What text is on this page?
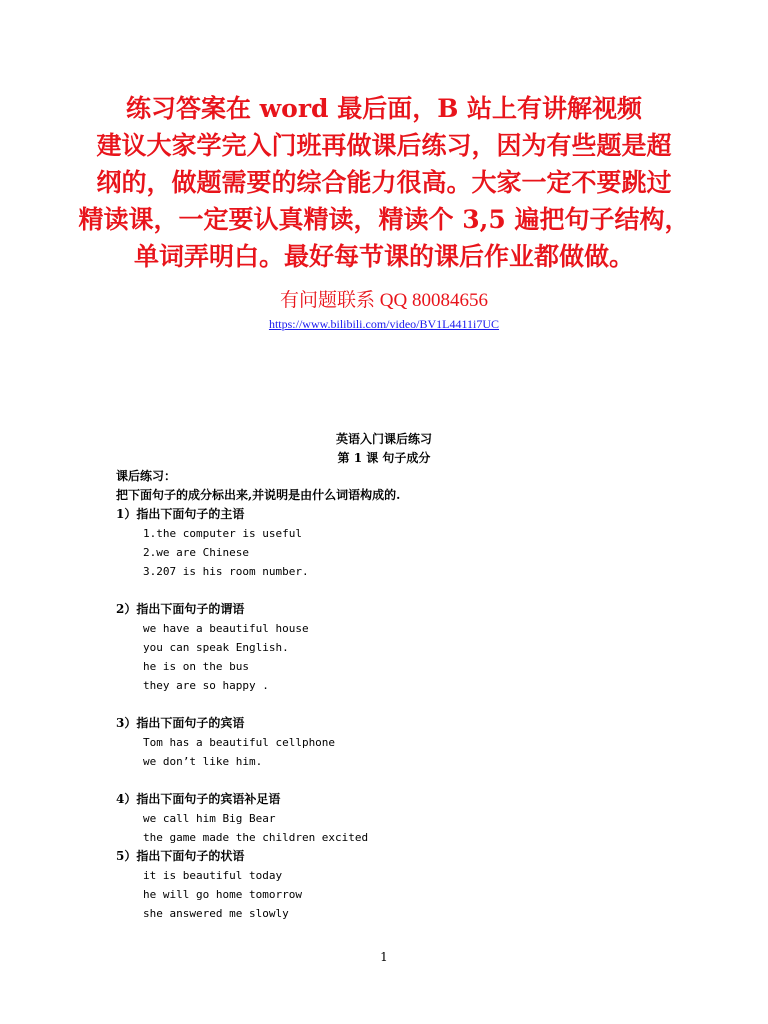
练习答案在 word 最后面，B 站上有讲解视频
建议大家学完入门班再做课后练习，因为有些题是超
纲的，做题需要的综合能力很高。大家一定不要跳过
精读课，一定要认真精读，精读个 3,5 遍把句子结构，
单词弄明白。最好每节课的课后作业都做做。
有问题联系 QQ 80084656
https://www.bilibili.com/video/BV1L4411i7UC
英语入门课后练习
第 1 课 句子成分
课后练习：
把下面句子的成分标出来,并说明是由什么词语构成的.
1）指出下面句子的主语
1.the computer is useful
2.we are Chinese
3.207 is his room number.
2）指出下面句子的谓语
we have a beautiful house
you can speak English.
he is on the bus
they are so happy .
3）指出下面句子的宾语
Tom has a beautiful cellphone
we don’t like him.
4）指出下面句子的宾语补足语
we call him Big Bear
the game made the children excited
5）指出下面句子的状语
it is beautiful today
he will go home tomorrow
she answered me slowly
1
